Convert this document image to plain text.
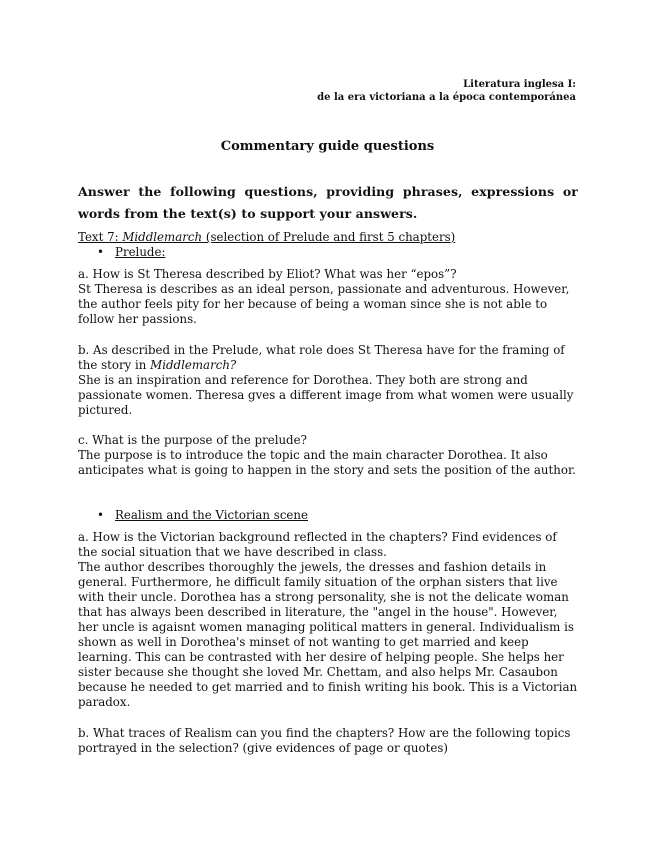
Literatura inglesa I:
de la era victoriana a la época contemporánea
Commentary guide questions
Answer the following questions, providing phrases, expressions or words from the text(s) to support your answers.
Text 7: Middlemarch (selection of Prelude and first 5 chapters)
• Prelude:

a. How is St Theresa described by Eliot? What was her “epos”?

St Theresa is describes as an ideal person, passionate and adventurous. However, the author feels pity for her because of being a woman since she is not able to follow her passions.

b. As described in the Prelude, what role does St Theresa have for the framing of the story in Middlemarch?

She is an inspiration and reference for Dorothea. They both are strong and passionate women. Theresa gves a different image from what women were usually pictured.

c. What is the purpose of the prelude?

The purpose is to introduce the topic and the main character Dorothea. It also anticipates what is going to happen in the story and sets the position of the author.

• Realism and the Victorian scene

a. How is the Victorian background reflected in the chapters? Find evidences of the social situation that we have described in class.

The author describes thoroughly the jewels, the dresses and fashion details in general. Furthermore, he difficult family situation of the orphan sisters that live with their uncle. Dorothea has a strong personality, she is not the delicate woman that has always been described in literature, the "angel in the house". However, her uncle is agaisnt women managing political matters in general. Individualism is shown as well in Dorothea's minset of not wanting to get married and keep learning. This can be contrasted with her desire of helping people. She helps her sister because she thought she loved Mr. Chettam, and also helps Mr. Casaubon because he needed to get married and to finish writing his book. This is a Victorian paradox.

b. What traces of Realism can you find the chapters? How are the following topics portrayed in the selection? (give evidences of page or quotes)
